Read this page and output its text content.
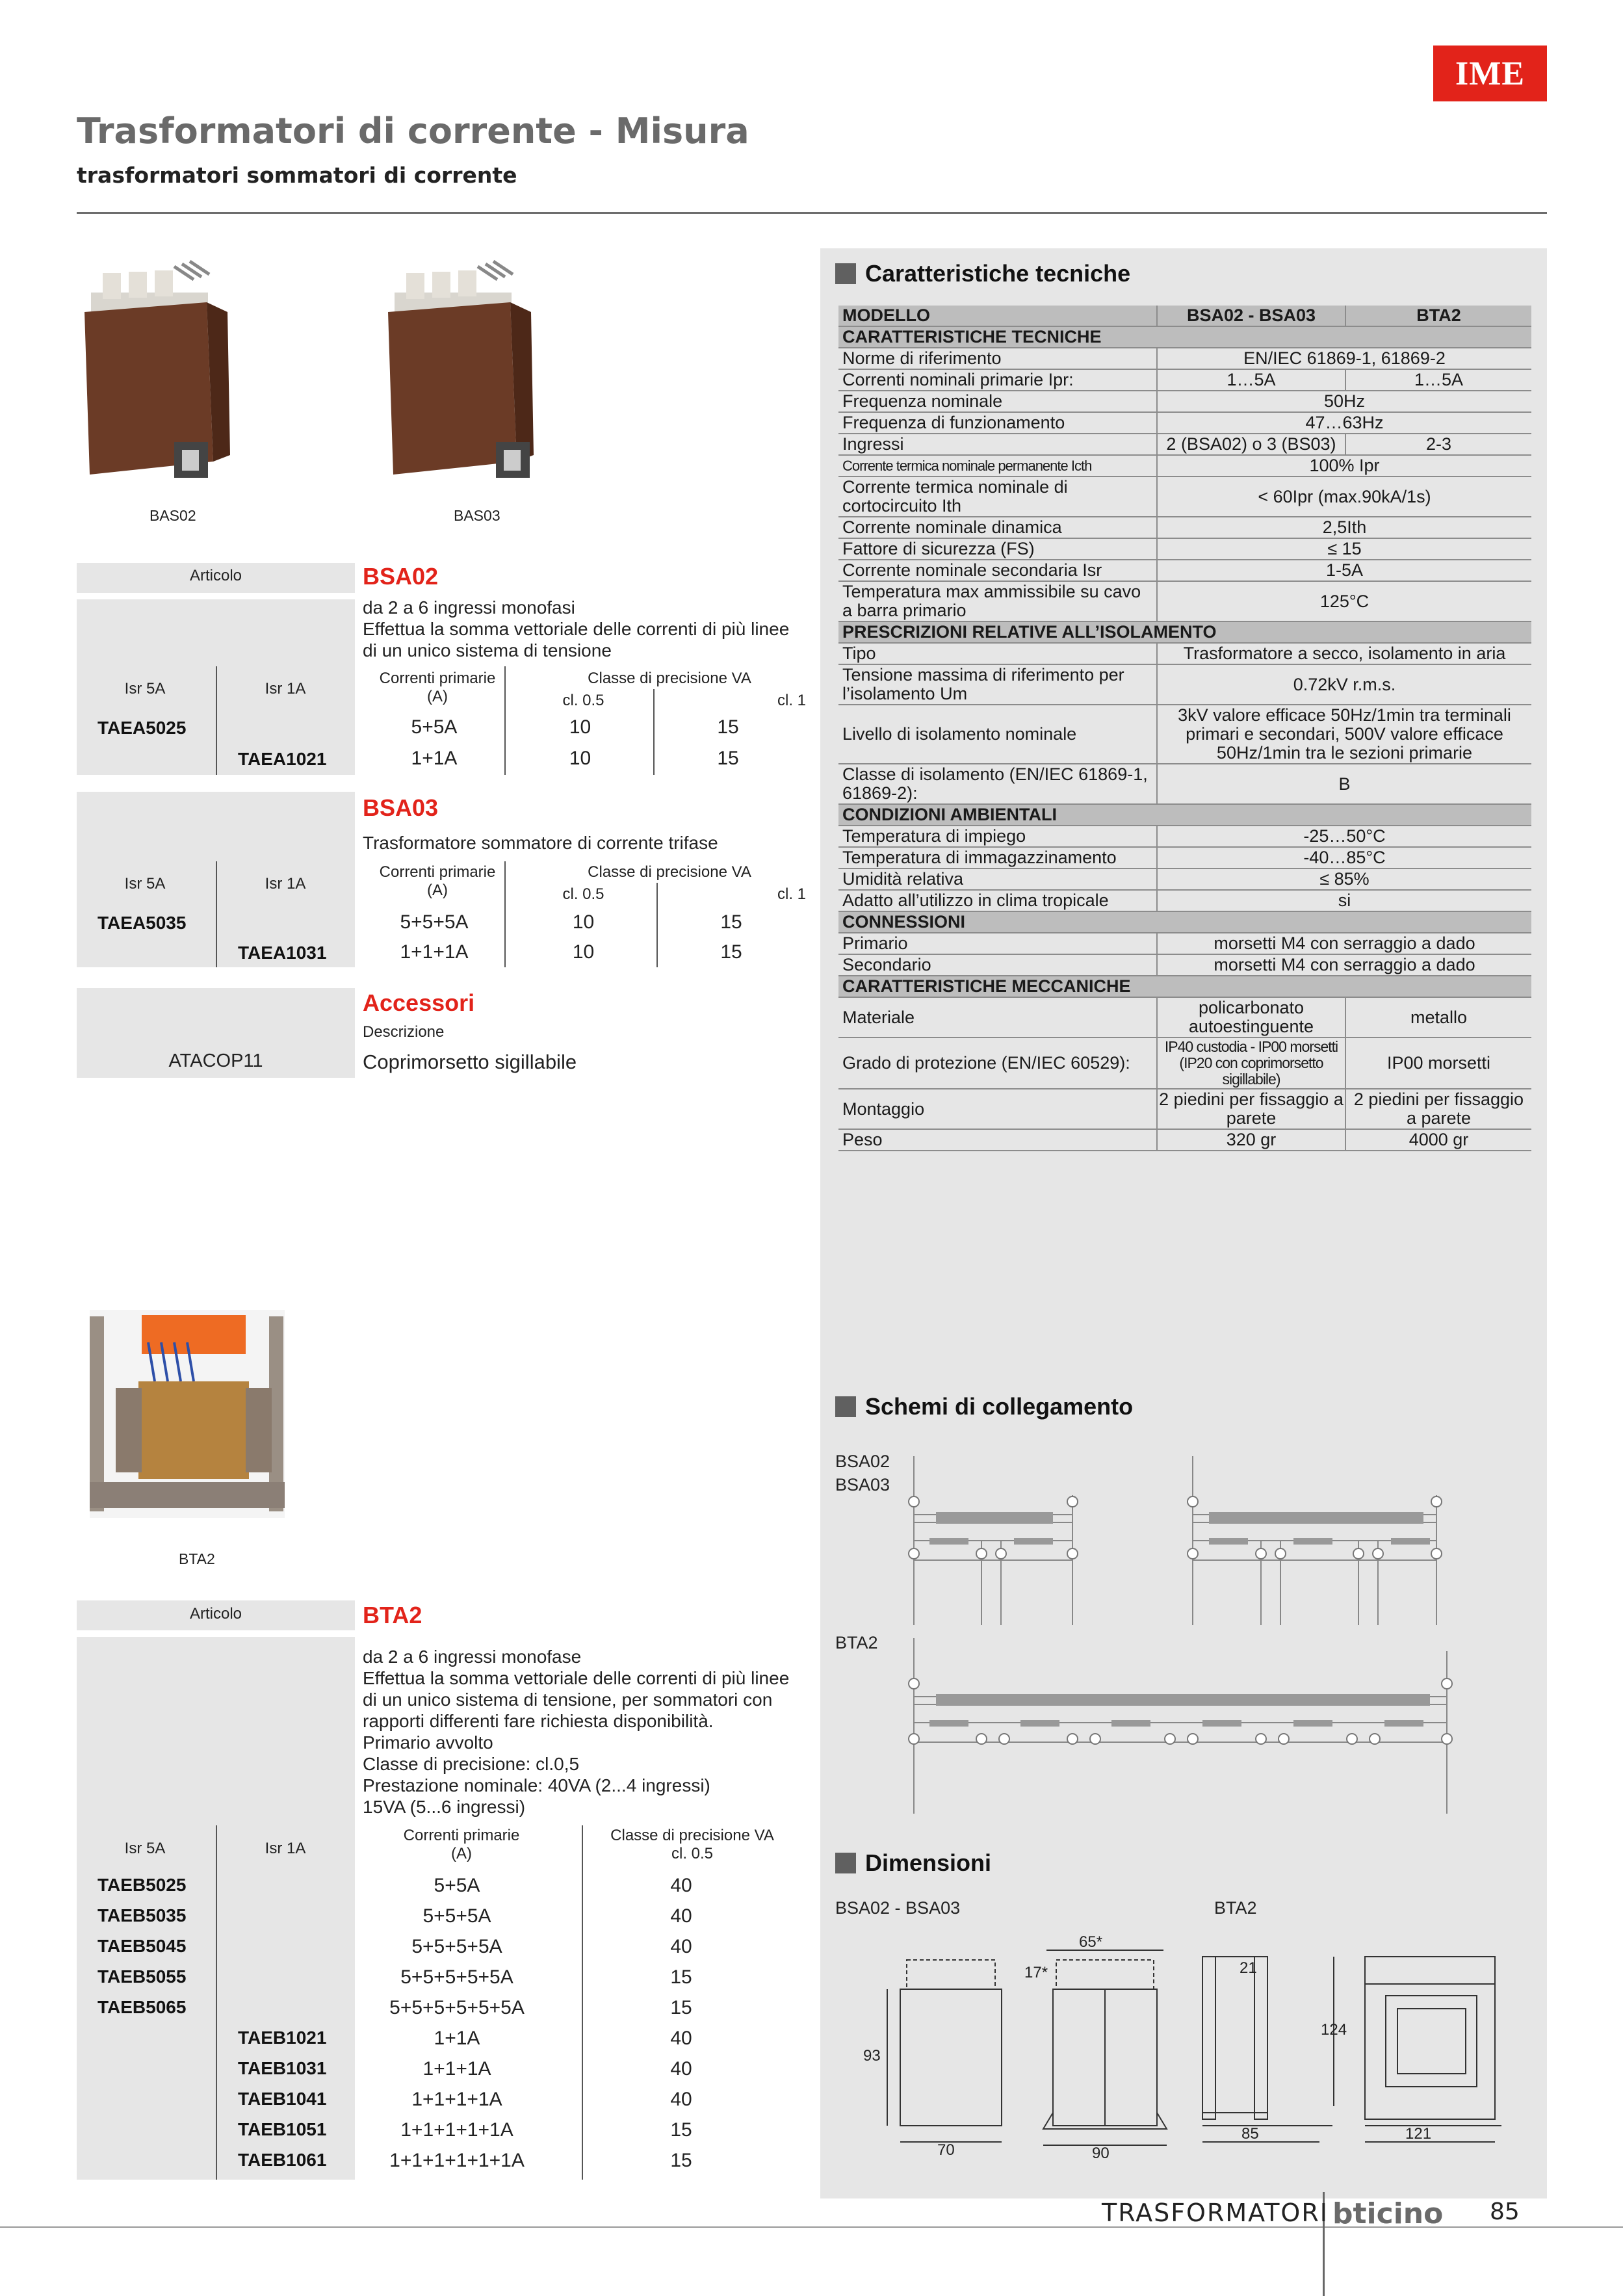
IME
Trasformatori di corrente - Misura
trasformatori sommatori di corrente
BAS02	BAS03
BTA2
Articolo	BSA02
da 2 a 6 ingressi monofasi
Effettua la somma vettoriale delle correnti di più linee
di un unico sistema di tensione
Correnti primarie
(A)
Classe di precisione VA
cl. 0.5	cl. 1
Isr 5A	Isr 1A
TAEA5025	5+5A	10	15
TAEA1021	1+1A	10	15
BSA03
Trasformatore sommatore di corrente trifase
Correnti primarie
(A)
Classe di precisione VA
cl. 0.5	cl. 1
Isr 5A	Isr 1A
TAEA5035	5+5+5A	10	15
TAEA1031	1+1+1A	10	15
Accessori
Descrizione
ATACOP11	Coprimorsetto sigillabile
Articolo	BTA2
da 2 a 6 ingressi monofase
Effettua la somma vettoriale delle correnti di più linee
di un unico sistema di tensione, per sommatori con
rapporti differenti fare richiesta disponibilità.
Primario avvolto
Classe di precisione: cl.0,5
Prestazione nominale: 40VA (2...4 ingressi)
15VA (5...6 ingressi)
Correnti primarie
(A)
Classe di precisione VA
cl. 0.5
Isr 5A	Isr 1A
TAEB5025	5+5A	40
TAEB5035	5+5+5A	40
TAEB5045	5+5+5+5A	40
TAEB5055	5+5+5+5+5A	15
TAEB5065	5+5+5+5+5+5A	15
TAEB1021	1+1A	40
TAEB1031	1+1+1A	40
TAEB1041	1+1+1+1A	40
TAEB1051	1+1+1+1+1A	15
TAEB1061	1+1+1+1+1+1A	15
Caratteristiche tecniche
MODELLO	BSA02 - BSA03	BTA2
CARATTERISTICHE TECNICHE		
Norme di riferimento	EN/IEC 61869-1, 61869-2	
Correnti nominali primarie Ipr:	1…5A	1…5A
Frequenza nominale	50Hz	
Frequenza di funzionamento	47…63Hz	
Ingressi	2 (BSA02) o 3 (BS03)	2-3
Corrente termica nominale permanente Icth	100% Ipr	
Corrente termica nominale di cortocircuito Ith	< 60Ipr (max.90kA/1s)	
Corrente nominale dinamica	2,5Ith	
Fattore di sicurezza (FS)	≤ 15	
Corrente nominale secondaria Isr	1-5A	
Temperatura max ammissibile su cavo a barra primario	125°C	
PRESCRIZIONI RELATIVE ALL’ISOLAMENTO		
Tipo	Trasformatore a secco, isolamento in aria	
Tensione massima di riferimento per l’isolamento Um	0.72kV r.m.s.	
Livello di isolamento nominale	3kV valore efficace 50Hz/1min tra terminali primari e secondari, 500V valore efficace 50Hz/1min tra le sezioni primarie	
Classe di isolamento (EN/IEC 61869-1, 61869-2):	B	
CONDIZIONI AMBIENTALI		
Temperatura di impiego	-25…50°C	
Temperatura di immagazzinamento	-40…85°C	
Umidità relativa	≤ 85%	
Adatto all’utilizzo in clima tropicale	si	
CONNESSIONI		
Primario	morsetti M4 con serraggio a dado	
Secondario	morsetti M4 con serraggio a dado	
CARATTERISTICHE MECCANICHE		
Materiale	policarbonato autoestinguente	metallo
Grado di protezione (EN/IEC 60529):	IP40 custodia - IP00 morsetti (IP20 con coprimorsetto sigillabile)	IP00 morsetti
Montaggio	2 piedini per fissaggio a parete	2 piedini per fissaggio a parete
Peso	320 gr	4000 gr
Schemi di collegamento
BSA02
BSA03
BTA2
Dimensioni
BSA02 - BSA03	BTA2
70	90
65*
17*
93
21
124
85	121
TRASFORMATORI bticino 85
